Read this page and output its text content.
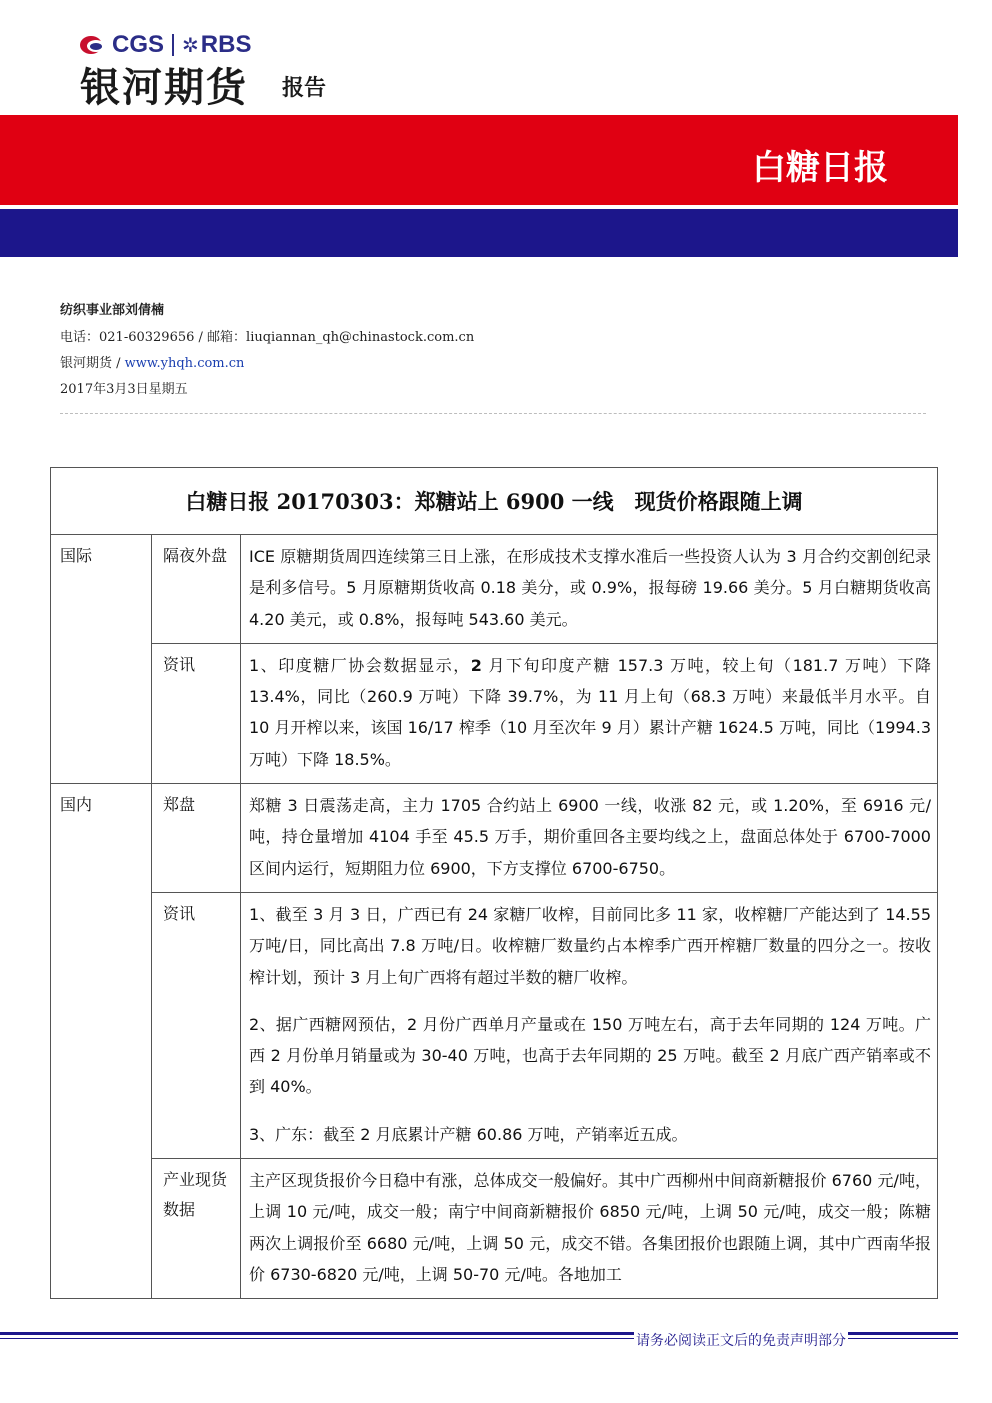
CGS ✲ RBS
银河期货 报告
白糖日报
纺织事业部刘倩楠
电话：021-60329656 / 邮箱：liuqiannan_qh@chinastock.com.cn
银河期货 / www.yhqh.com.cn
2017年3月3日星期五
白糖日报 20170303：郑糖站上 6900 一线　现货价格跟随上调		
国际	隔夜外盘	ICE 原糖期货周四连续第三日上涨，在形成技术支撑水准后一些投资人认为 3 月合约交割创纪录是利多信号。5 月原糖期货收高 0.18 美分，或 0.9%，报每磅 19.66 美分。5 月白糖期货收高 4.20 美元，或 0.8%，报每吨 543.60 美元。
	资讯	1、印度糖厂协会数据显示，2 月下旬印度产糖 157.3 万吨，较上旬（181.7 万吨）下降 13.4%，同比（260.9 万吨）下降 39.7%，为 11 月上旬（68.3 万吨）来最低半月水平。自 10 月开榨以来，该国 16/17 榨季（10 月至次年 9 月）累计产糖 1624.5 万吨，同比（1994.3 万吨）下降 18.5%。
国内	郑盘	郑糖 3 日震荡走高，主力 1705 合约站上 6900 一线，收涨 82 元，或 1.20%，至 6916 元/吨，持仓量增加 4104 手至 45.5 万手，期价重回各主要均线之上，盘面总体处于 6700-7000 区间内运行，短期阻力位 6900，下方支撑位 6700-6750。
	资讯	1、截至 3 月 3 日，广西已有 24 家糖厂收榨，目前同比多 11 家，收榨糖厂产能达到了 14.55 万吨/日，同比高出 7.8 万吨/日。收榨糖厂数量约占本榨季广西开榨糖厂数量的四分之一。按收榨计划，预计 3 月上旬广西将有超过半数的糖厂收榨。

2、据广西糖网预估，2 月份广西单月产量或在 150 万吨左右，高于去年同期的 124 万吨。广西 2 月份单月销量或为 30-40 万吨，也高于去年同期的 25 万吨。截至 2 月底广西产销率或不到 40%。

3、广东：截至 2 月底累计产糖 60.86 万吨，产销率近五成。

	产业现货数据	主产区现货报价今日稳中有涨，总体成交一般偏好。其中广西柳州中间商新糖报价 6760 元/吨，上调 10 元/吨，成交一般；南宁中间商新糖报价 6850 元/吨，上调 50 元/吨，成交一般；陈糖两次上调报价至 6680 元/吨，上调 50 元，成交不错。各集团报价也跟随上调，其中广西南华报价 6730-6820 元/吨，上调 50-70 元/吨。各地加工
请务必阅读正文后的免责声明部分
